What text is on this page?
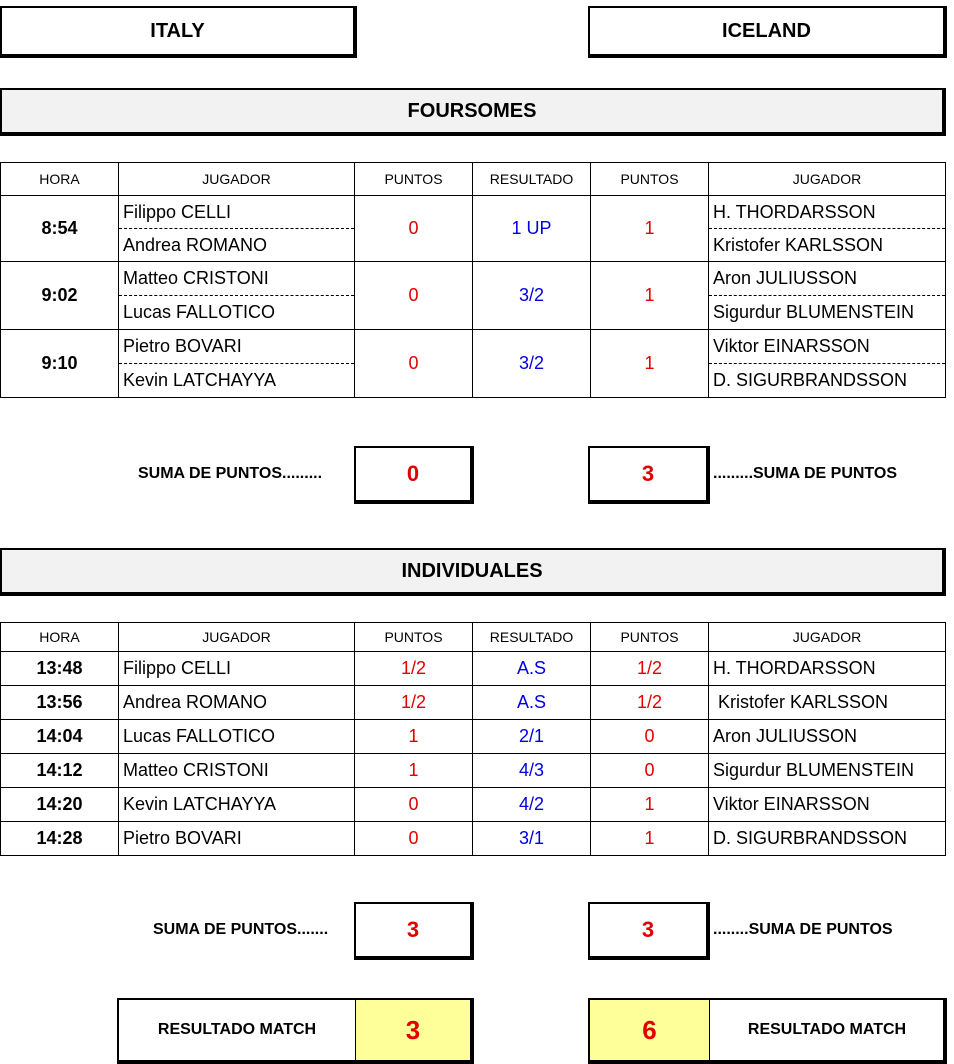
ITALY	ICELAND
FOURSOMES
HORA	JUGADOR	PUNTOS	RESULTADO	PUNTOS	JUGADOR
8:54	Filippo CELLI	0	1 UP	1	H. THORDARSSON
	Andrea ROMANO				Kristofer KARLSSON
9:02	Matteo CRISTONI	0	3/2	1	Aron JULIUSSON
	Lucas FALLOTICO				Sigurdur BLUMENSTEIN
9:10	Pietro BOVARI	0	3/2	1	Viktor EINARSSON
	Kevin LATCHAYYA				D. SIGURBRANDSSON
SUMA DE PUNTOS.........	0	3	.........SUMA DE PUNTOS
INDIVIDUALES
HORA	JUGADOR	PUNTOS	RESULTADO	PUNTOS	JUGADOR
13:48	Filippo CELLI	1/2	A.S	1/2	H. THORDARSSON
13:56	Andrea ROMANO	1/2	A.S	1/2	Kristofer KARLSSON
14:04	Lucas FALLOTICO	1	2/1	0	Aron JULIUSSON
14:12	Matteo CRISTONI	1	4/3	0	Sigurdur BLUMENSTEIN
14:20	Kevin LATCHAYYA	0	4/2	1	Viktor EINARSSON
14:28	Pietro BOVARI	0	3/1	1	D. SIGURBRANDSSON
SUMA DE PUNTOS.......	3	3	........SUMA DE PUNTOS
RESULTADO MATCH	3	6	RESULTADO MATCH
